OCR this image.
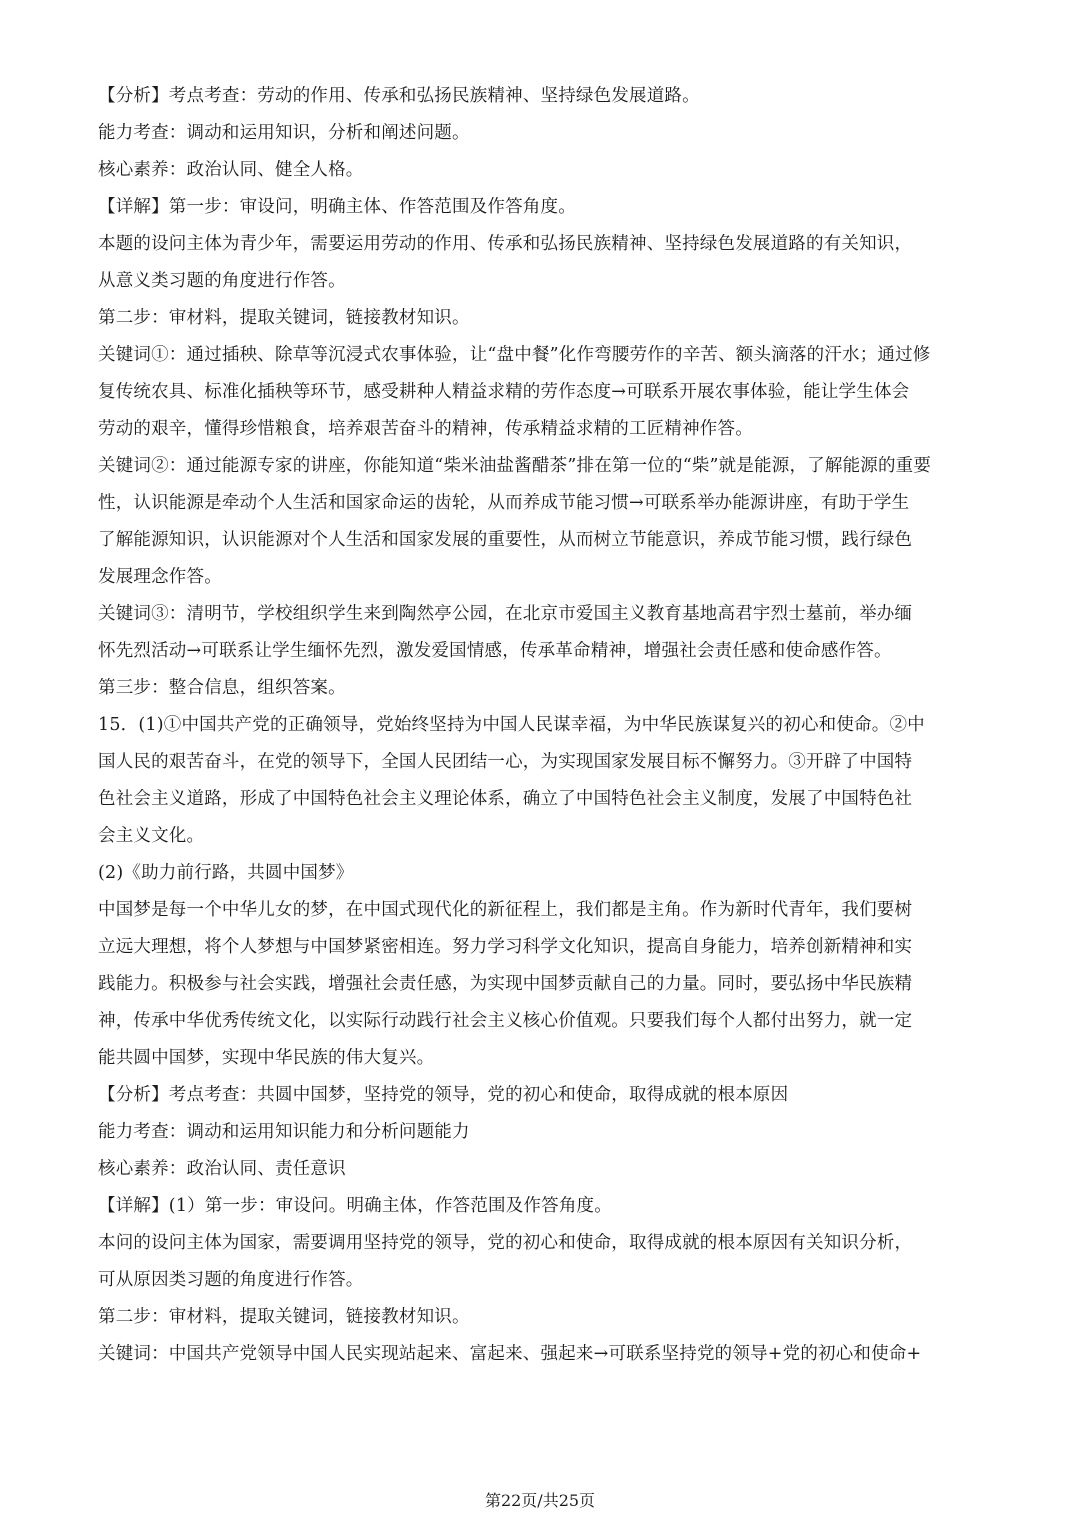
【分析】考点考查：劳动的作用、传承和弘扬民族精神、坚持绿色发展道路。
能力考查：调动和运用知识，分析和阐述问题。
核心素养：政治认同、健全人格。
【详解】第一步：审设问，明确主体、作答范围及作答角度。
本题的设问主体为青少年，需要运用劳动的作用、传承和弘扬民族精神、坚持绿色发展道路的有关知识，
从意义类习题的角度进行作答。
第二步：审材料，提取关键词，链接教材知识。
关键词①：通过插秧、除草等沉浸式农事体验，让“盘中餐”化作弯腰劳作的辛苦、额头滴落的汗水；通过修
复传统农具、标准化插秧等环节，感受耕种人精益求精的劳作态度→可联系开展农事体验，能让学生体会
劳动的艰辛，懂得珍惜粮食，培养艰苦奋斗的精神，传承精益求精的工匠精神作答。
关键词②：通过能源专家的讲座，你能知道“柴米油盐酱醋茶”排在第一位的“柴”就是能源，了解能源的重要
性，认识能源是牵动个人生活和国家命运的齿轮，从而养成节能习惯→可联系举办能源讲座，有助于学生
了解能源知识，认识能源对个人生活和国家发展的重要性，从而树立节能意识，养成节能习惯，践行绿色
发展理念作答。
关键词③：清明节，学校组织学生来到陶然亭公园，在北京市爱国主义教育基地高君宇烈士墓前，举办缅
怀先烈活动→可联系让学生缅怀先烈，激发爱国情感，传承革命精神，增强社会责任感和使命感作答。
第三步：整合信息，组织答案。
15．(1)①中国共产党的正确领导，党始终坚持为中国人民谋幸福，为中华民族谋复兴的初心和使命。②中
国人民的艰苦奋斗，在党的领导下，全国人民团结一心，为实现国家发展目标不懈努力。③开辟了中国特
色社会主义道路，形成了中国特色社会主义理论体系，确立了中国特色社会主义制度，发展了中国特色社
会主义文化。
(2)《助力前行路，共圆中国梦》
中国梦是每一个中华儿女的梦，在中国式现代化的新征程上，我们都是主角。作为新时代青年，我们要树
立远大理想，将个人梦想与中国梦紧密相连。努力学习科学文化知识，提高自身能力，培养创新精神和实
践能力。积极参与社会实践，增强社会责任感，为实现中国梦贡献自己的力量。同时，要弘扬中华民族精
神，传承中华优秀传统文化，以实际行动践行社会主义核心价值观。只要我们每个人都付出努力，就一定
能共圆中国梦，实现中华民族的伟大复兴。
【分析】考点考查：共圆中国梦，坚持党的领导，党的初心和使命，取得成就的根本原因
能力考查：调动和运用知识能力和分析问题能力
核心素养：政治认同、责任意识
【详解】(1）第一步：审设问。明确主体，作答范围及作答角度。
本问的设问主体为国家，需要调用坚持党的领导，党的初心和使命，取得成就的根本原因有关知识分析，
可从原因类习题的角度进行作答。
第二步：审材料，提取关键词，链接教材知识。
关键词：中国共产党领导中国人民实现站起来、富起来、强起来→可联系坚持党的领导+党的初心和使命+
第22页/共25页
